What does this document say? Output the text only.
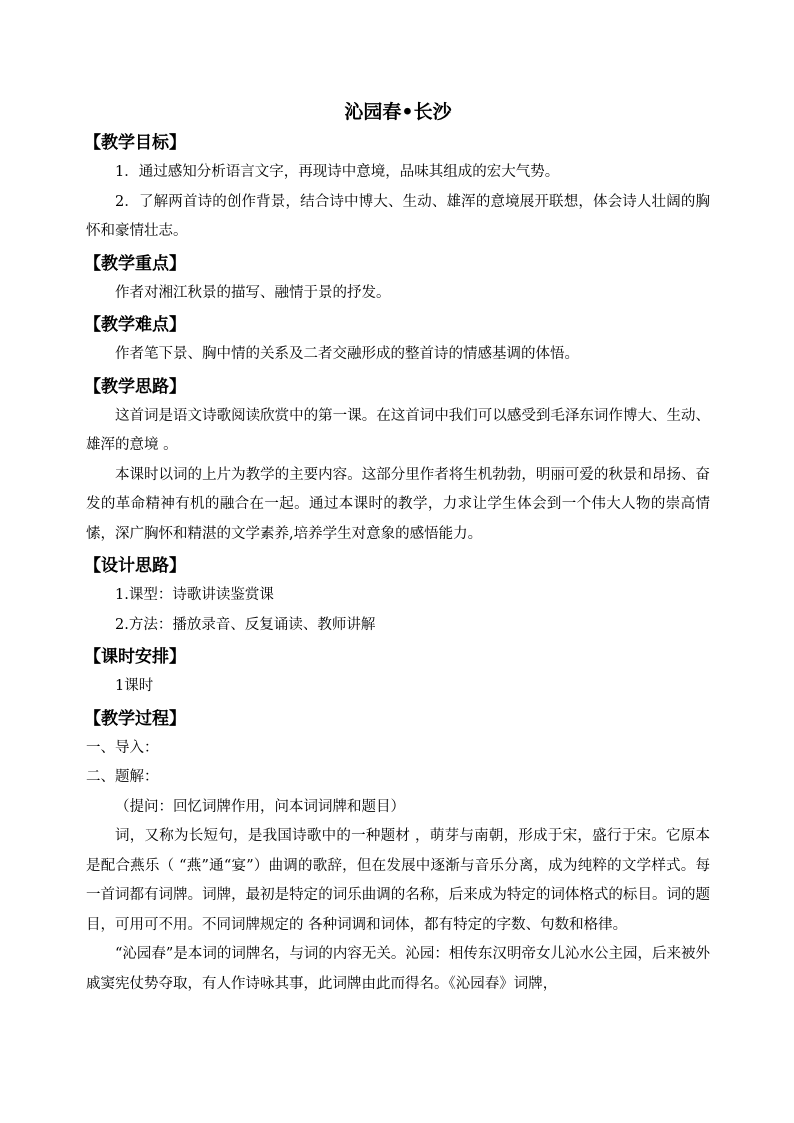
沁园春•长沙
【教学目标】

1．通过感知分析语言文字，再现诗中意境，品味其组成的宏大气势。

2．了解两首诗的创作背景，结合诗中博大、生动、雄浑的意境展开联想，体会诗人壮阔的胸怀和豪情壮志。

【教学重点】

作者对湘江秋景的描写、融情于景的抒发。

【教学难点】

作者笔下景、胸中情的关系及二者交融形成的整首诗的情感基调的体悟。

【教学思路】

这首词是语文诗歌阅读欣赏中的第一课。在这首词中我们可以感受到毛泽东词作博大、生动、雄浑的意境 。

本课时以词的上片为教学的主要内容。这部分里作者将生机勃勃，明丽可爱的秋景和昂扬、奋发的革命精神有机的融合在一起。通过本课时的教学，力求让学生体会到一个伟大人物的崇高情愫，深广胸怀和精湛的文学素养,培养学生对意象的感悟能力。

【设计思路】

1.课型：诗歌讲读鉴赏课

2.方法：播放录音、反复诵读、教师讲解

【课时安排】

1课时

【教学过程】

一、导入：

二、题解：

（提问：回忆词牌作用，问本词词牌和题目）

词，又称为长短句，是我国诗歌中的一种题材 ，萌芽与南朝，形成于宋，盛行于宋。它原本是配合燕乐（ “燕”通“宴”）曲调的歌辞，但在发展中逐渐与音乐分离，成为纯粹的文学样式。每一首词都有词牌。词牌，最初是特定的词乐曲调的名称，后来成为特定的词体格式的标目。词的题目，可用可不用。不同词牌规定的 各种词调和词体，都有特定的字数、句数和格律。

“沁园春”是本词的词牌名，与词的内容无关。沁园：相传东汉明帝女儿沁水公主园，后来被外戚窦宪仗势夺取，有人作诗咏其事，此词牌由此而得名。《沁园春》词牌，
